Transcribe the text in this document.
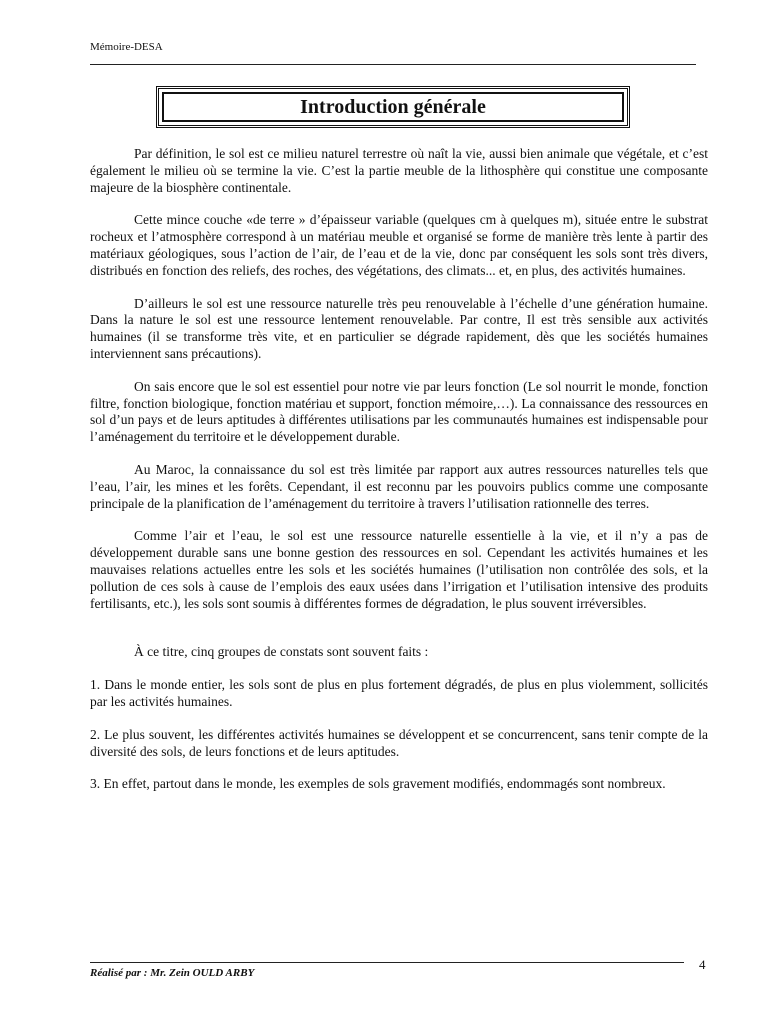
Mémoire-DESA
Introduction générale

Par définition, le sol est ce milieu naturel terrestre où naît la vie, aussi bien animale que végétale, et c’est également le milieu où se termine la vie. C’est la partie meuble de la lithosphère qui constitue une composante majeure de la biosphère continentale.

Cette mince couche «de terre » d’épaisseur variable (quelques cm à quelques m), située entre le substrat rocheux et l’atmosphère correspond à un matériau meuble et organisé se forme de manière très lente à partir des matériaux géologiques, sous l’action de l’air, de l’eau et de la vie, donc par conséquent les sols sont très divers, distribués en fonction des reliefs, des roches, des végétations, des climats... et, en plus, des activités humaines.

D’ailleurs le sol est une ressource naturelle très peu renouvelable à l’échelle d’une génération humaine. Dans la nature le sol est une ressource lentement renouvelable. Par contre, Il est très sensible aux activités humaines (il se transforme très vite, et en particulier se dégrade rapidement, dès que les sociétés humaines interviennent sans précautions).

On sais encore que le sol est essentiel pour notre vie par leurs fonction (Le sol nourrit le monde, fonction filtre, fonction biologique, fonction matériau et support, fonction mémoire,…). La connaissance des ressources en sol d’un pays et de leurs aptitudes à différentes utilisations par les communautés humaines est indispensable pour l’aménagement du territoire et le développement durable.

Au Maroc, la connaissance du sol est très limitée par rapport aux autres ressources naturelles tels que l’eau, l’air, les mines et les forêts. Cependant, il est reconnu par les pouvoirs publics comme une composante principale de la planification de l’aménagement du territoire à travers l’utilisation rationnelle des terres.

Comme l’air et l’eau, le sol est une ressource naturelle essentielle à la vie, et il n’y a pas de développement durable sans une bonne gestion des ressources en sol. Cependant les activités humaines et les mauvaises relations actuelles entre les sols et les sociétés humaines (l’utilisation non contrôlée des sols, et la pollution de ces sols à cause de l’emplois des eaux usées dans l’irrigation et l’utilisation intensive des produits fertilisants, etc.), les sols sont soumis à différentes formes de dégradation, le plus souvent irréversibles.

À ce titre, cinq groupes de constats sont souvent faits :

1. Dans le monde entier, les sols sont de plus en plus fortement dégradés, de plus en plus violemment, sollicités par les activités humaines.

2. Le plus souvent, les différentes activités humaines se développent et se concurrencent, sans tenir compte de la diversité des sols, de leurs fonctions et de leurs aptitudes.

3. En effet, partout dans le monde, les exemples de sols gravement modifiés, endommagés sont nombreux.

4
Réalisé par : Mr. Zein OULD ARBY
